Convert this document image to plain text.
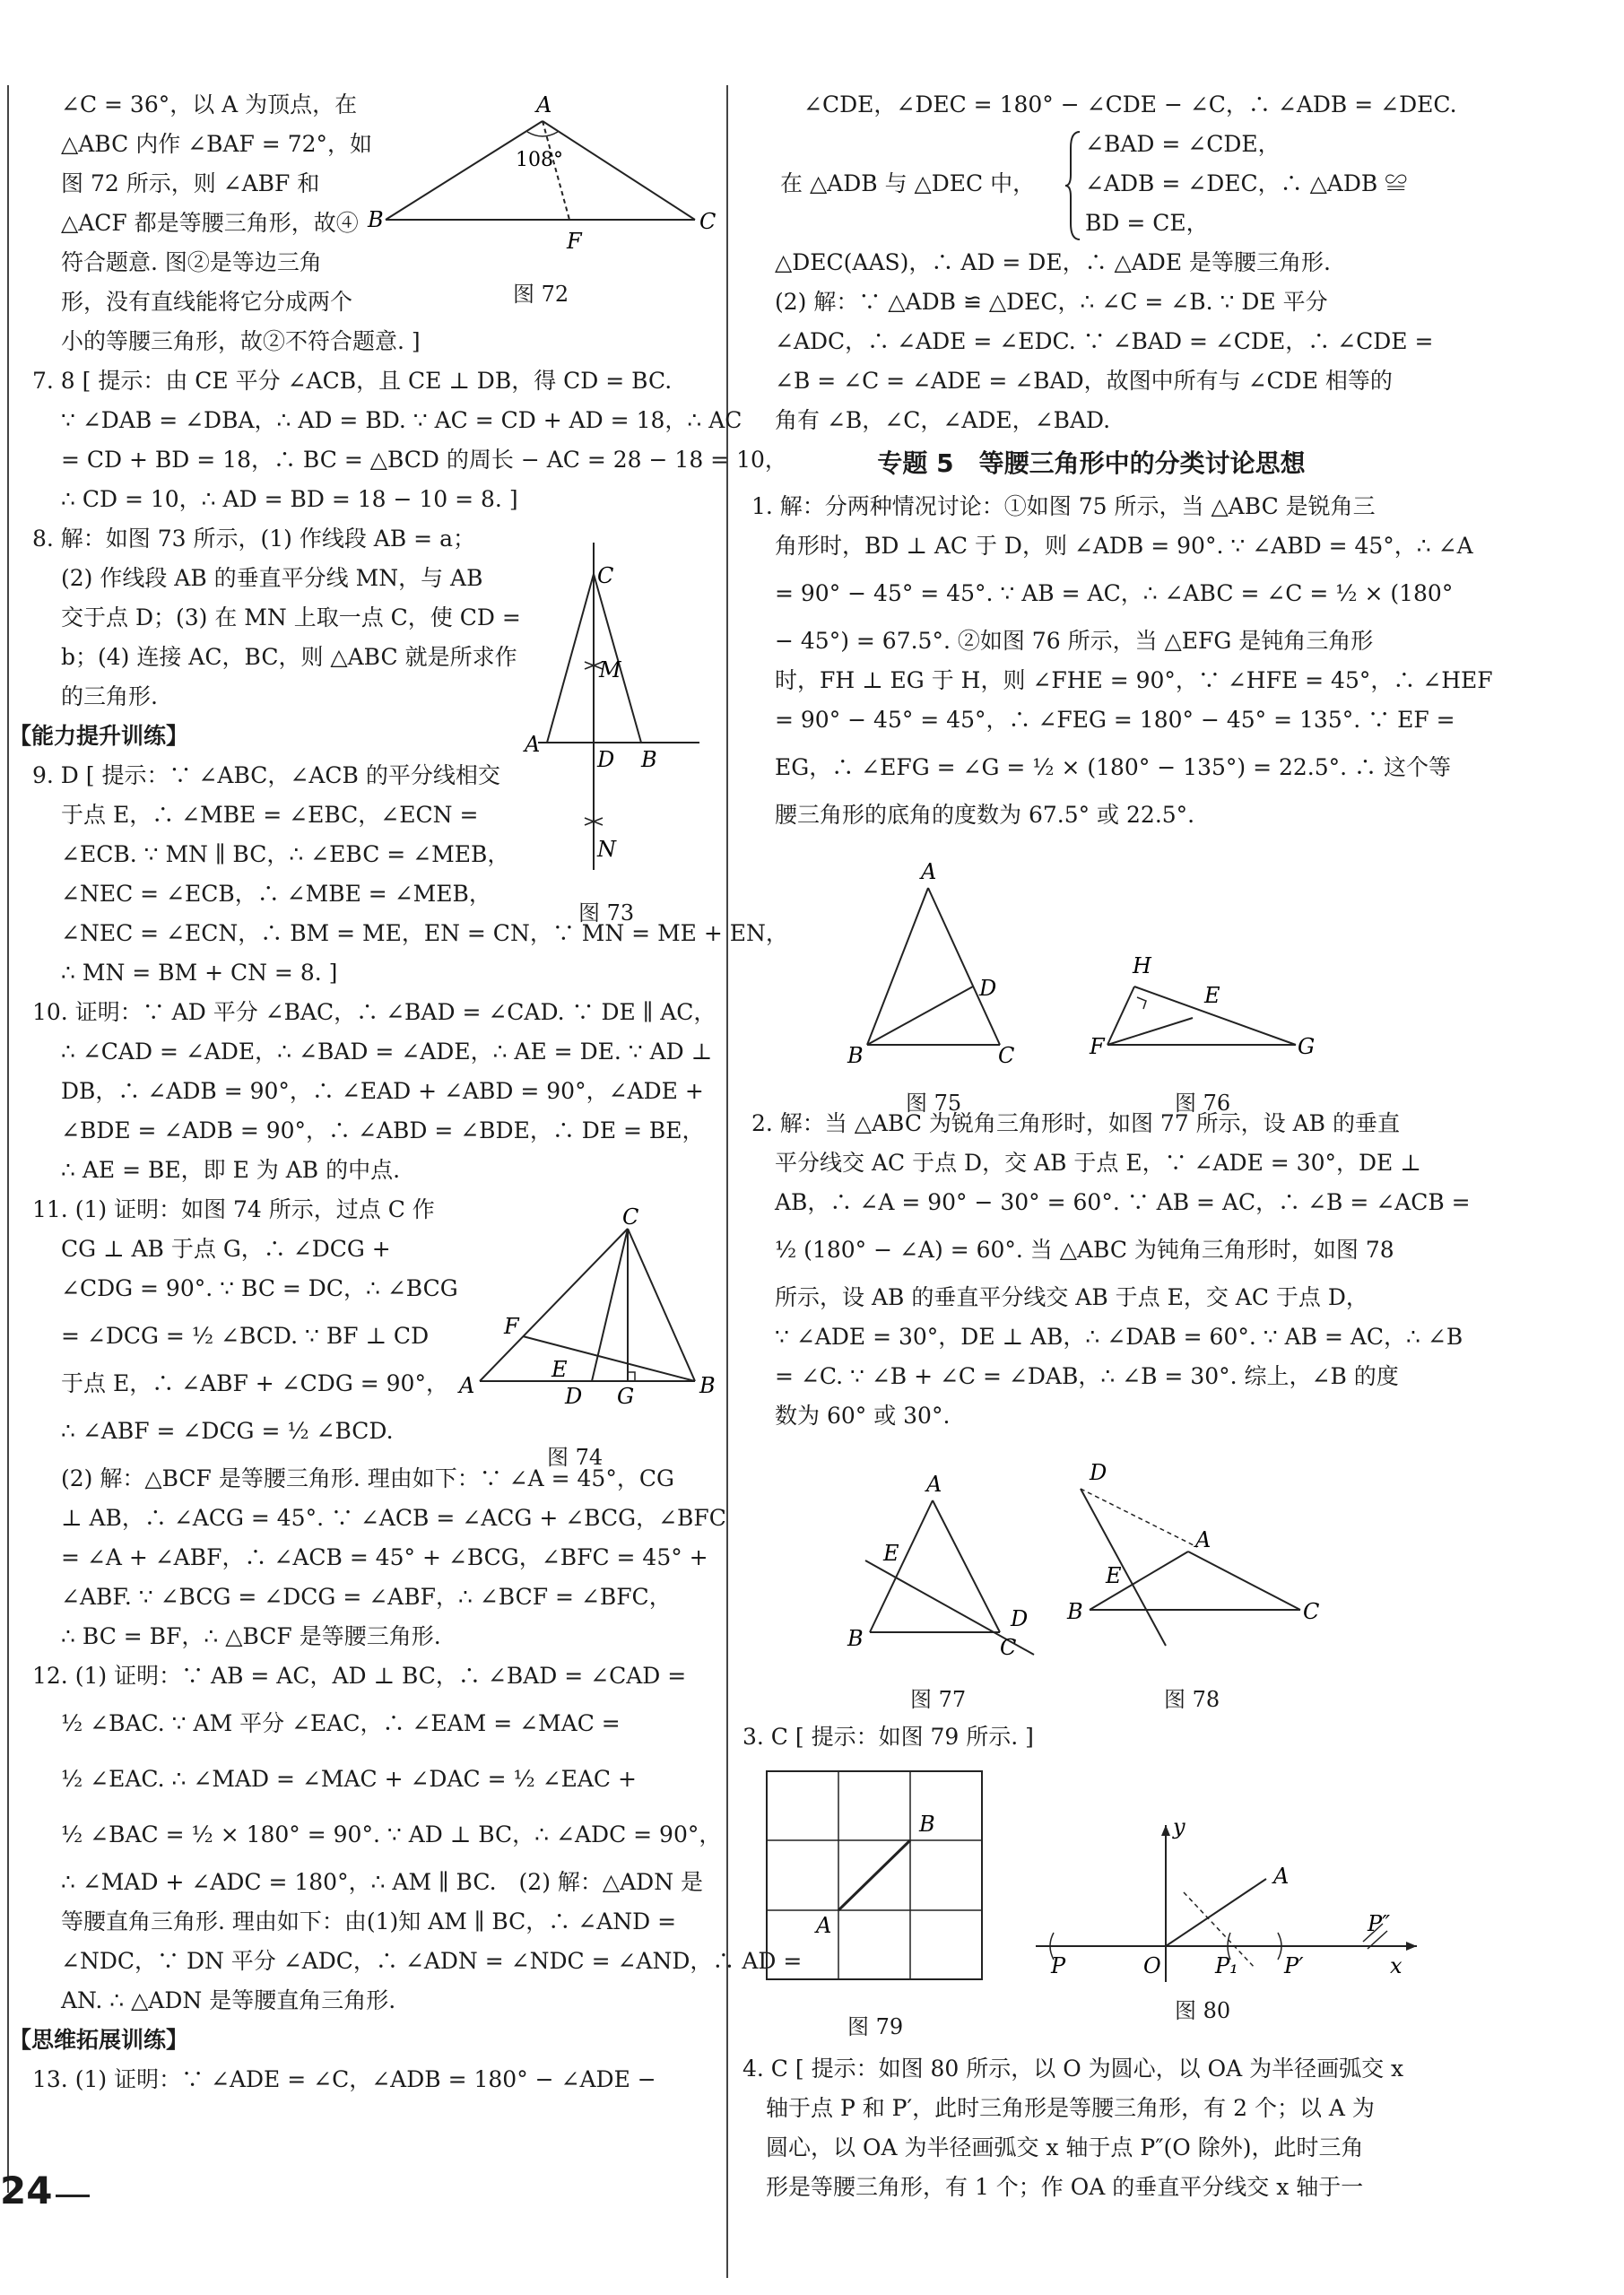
∠C = 36°，以 A 为顶点，在

△ABC 内作 ∠BAF = 72°，如

图 72 所示，则 ∠ABF 和

△ACF 都是等腰三角形，故④

符合题意. 图②是等边三角

形，没有直线能将它分成两个

小的等腰三角形，故②不符合题意. ]

7. 8 [ 提示：由 CE 平分 ∠ACB，且 CE ⊥ DB，得 CD = BC.

∵ ∠DAB = ∠DBA，∴ AD = BD. ∵ AC = CD + AD = 18，∴ AC

= CD + BD = 18，∴ BC = △BCD 的周长 − AC = 28 − 18 = 10，

∴ CD = 10，∴ AD = BD = 18 − 10 = 8. ]

8. 解：如图 73 所示，(1) 作线段 AB = a；

(2) 作线段 AB 的垂直平分线 MN，与 AB

交于点 D；(3) 在 MN 上取一点 C，使 CD =

b；(4) 连接 AC，BC，则 △ABC 就是所求作

的三角形.

【能力提升训练】

9. D [ 提示：∵ ∠ABC，∠ACB 的平分线相交

于点 E，∴ ∠MBE = ∠EBC，∠ECN =

∠ECB. ∵ MN ∥ BC，∴ ∠EBC = ∠MEB，

∠NEC = ∠ECB，∴ ∠MBE = ∠MEB，

∠NEC = ∠ECN，∴ BM = ME，EN = CN，∵ MN = ME + EN，

∴ MN = BM + CN = 8. ]

10. 证明：∵ AD 平分 ∠BAC，∴ ∠BAD = ∠CAD. ∵ DE ∥ AC，

∴ ∠CAD = ∠ADE，∴ ∠BAD = ∠ADE，∴ AE = DE. ∵ AD ⊥

DB，∴ ∠ADB = 90°，∴ ∠EAD + ∠ABD = 90°，∠ADE +

∠BDE = ∠ADB = 90°，∴ ∠ABD = ∠BDE，∴ DE = BE，

∴ AE = BE，即 E 为 AB 的中点.

11. (1) 证明：如图 74 所示，过点 C 作

CG ⊥ AB 于点 G，∴ ∠DCG +

∠CDG = 90°. ∵ BC = DC，∴ ∠BCG

= ∠DCG = ½ ∠BCD. ∵ BF ⊥ CD

于点 E，∴ ∠ABF + ∠CDG = 90°，

∴ ∠ABF = ∠DCG = ½ ∠BCD.

(2) 解：△BCF 是等腰三角形. 理由如下：∵ ∠A = 45°，CG

⊥ AB，∴ ∠ACG = 45°. ∵ ∠ACB = ∠ACG + ∠BCG，∠BFC

= ∠A + ∠ABF，∴ ∠ACB = 45° + ∠BCG，∠BFC = 45° +

∠ABF. ∵ ∠BCG = ∠DCG = ∠ABF，∴ ∠BCF = ∠BFC，

∴ BC = BF，∴ △BCF 是等腰三角形.

12. (1) 证明：∵ AB = AC，AD ⊥ BC，∴ ∠BAD = ∠CAD =

½ ∠BAC. ∵ AM 平分 ∠EAC，∴ ∠EAM = ∠MAC =

½ ∠EAC. ∴ ∠MAD = ∠MAC + ∠DAC = ½ ∠EAC +

½ ∠BAC = ½ × 180° = 90°. ∵ AD ⊥ BC，∴ ∠ADC = 90°，

∴ ∠MAD + ∠ADC = 180°，∴ AM ∥ BC.　(2) 解：△ADN 是

等腰直角三角形. 理由如下：由(1)知 AM ∥ BC，∴ ∠AND =

∠NDC，∵ DN 平分 ∠ADC，∴ ∠ADN = ∠NDC = ∠AND，∴ AD =

AN. ∴ △ADN 是等腰直角三角形.

【思维拓展训练】

13. (1) 证明：∵ ∠ADE = ∠C，∠ADB = 180° − ∠ADE −

A
B	C
F
108°
图 72
C
M
A
D B
N
图 73
C
F
E
A	B
D G
图 74

∠CDE，∠DEC = 180° − ∠CDE − ∠C，∴ ∠ADB = ∠DEC.

在 △ADB 与 △DEC 中，
∠BAD = ∠CDE，
∠ADB = ∠DEC，∴ △ADB ≌
BD = CE，

△DEC(AAS)，∴ AD = DE，∴ △ADE 是等腰三角形.

(2) 解：∵ △ADB ≌ △DEC，∴ ∠C = ∠B. ∵ DE 平分

∠ADC，∴ ∠ADE = ∠EDC. ∵ ∠BAD = ∠CDE，∴ ∠CDE =

∠B = ∠C = ∠ADE = ∠BAD，故图中所有与 ∠CDE 相等的

角有 ∠B，∠C，∠ADE，∠BAD.

专题 5　等腰三角形中的分类讨论思想

1. 解：分两种情况讨论：①如图 75 所示，当 △ABC 是锐角三

角形时，BD ⊥ AC 于 D，则 ∠ADB = 90°. ∵ ∠ABD = 45°，∴ ∠A

= 90° − 45° = 45°. ∵ AB = AC，∴ ∠ABC = ∠C = ½ × (180°

− 45°) = 67.5°. ②如图 76 所示，当 △EFG 是钝角三角形

时，FH ⊥ EG 于 H，则 ∠FHE = 90°，∵ ∠HFE = 45°，∴ ∠HEF

= 90° − 45° = 45°，∴ ∠FEG = 180° − 45° = 135°. ∵ EF =

EG，∴ ∠EFG = ∠G = ½ × (180° − 135°) = 22.5°. ∴ 这个等

腰三角形的底角的度数为 67.5° 或 22.5°.

2. 解：当 △ABC 为锐角三角形时，如图 77 所示，设 AB 的垂直

平分线交 AC 于点 D，交 AB 于点 E，∵ ∠ADE = 30°，DE ⊥

AB，∴ ∠A = 90° − 30° = 60°. ∵ AB = AC，∴ ∠B = ∠ACB =

½ (180° − ∠A) = 60°. 当 △ABC 为钝角三角形时，如图 78

所示，设 AB 的垂直平分线交 AB 于点 E，交 AC 于点 D，

∵ ∠ADE = 30°，DE ⊥ AB，∴ ∠DAB = 60°. ∵ AB = AC，∴ ∠B

= ∠C. ∵ ∠B + ∠C = ∠DAB，∴ ∠B = 30°. 综上，∠B 的度

数为 60° 或 30°.

A
D
B	C
图 75
H
E
F	G
图 76
A
E
D
B	C
图 77
D
A
E
B	C
图 78
3. C [ 提示：如图 79 所示. ]
B
A
图 79
y
A
P	O	P₁ P′
P″
x
图 80

4. C [ 提示：如图 80 所示，以 O 为圆心，以 OA 为半径画弧交 x

轴于点 P 和 P′，此时三角形是等腰三角形，有 2 个；以 A 为

圆心，以 OA 为半径画弧交 x 轴于点 P″(O 除外)，此时三角

形是等腰三角形，有 1 个；作 OA 的垂直平分线交 x 轴于一

24
